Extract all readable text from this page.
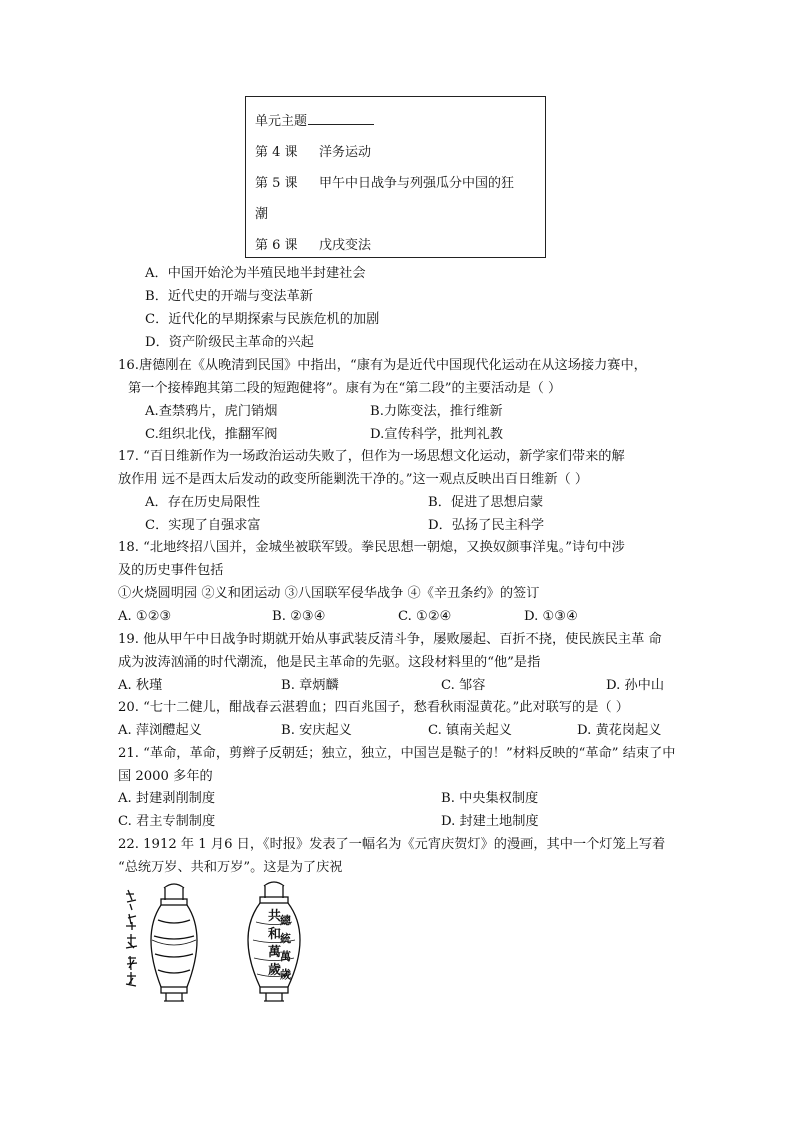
单元主题
第 4 课 洋务运动
第 5 课 甲午中日战争与列强瓜分中国的狂
潮
第 6 课 戊戌变法
A．中国开始沦为半殖民地半封建社会
B．近代史的开端与变法革新
C．近代化的早期探索与民族危机的加剧
D．资产阶级民主革命的兴起
16.唐德刚在《从晚清到民国》中指出，“康有为是近代中国现代化运动在从这场接力赛中，
第一个接棒跑其第二段的短跑健将”。康有为在“第二段”的主要活动是（ ）
A.查禁鸦片，虎门销烟	B.力陈变法，推行维新
C.组织北伐，推翻军阀	D.宣传科学，批判礼教
17. “百日维新作为一场政治运动失败了，但作为一场思想文化运动，新学家们带来的解
放作用 远不是西太后发动的政变所能剿洗干净的。”这一观点反映出百日维新（ ）
A．存在历史局限性	B．促进了思想启蒙
C．实现了自强求富	D．弘扬了民主科学
18. “北地终招八国并，金城坐被联军毁。拳民思想一朝熄，又换奴颜事洋鬼。”诗句中涉
及的历史事件包括
①火烧圆明园 ②义和团运动 ③八国联军侵华战争 ④《辛丑条约》的签订
A. ①②③	B. ②③④	C. ①②④	D. ①③④
19. 他从甲午中日战争时期就开始从事武装反清斗争，屡败屡起、百折不挠，使民族民主革 命
成为波涛汹涌的时代潮流，他是民主革命的先驱。这段材料里的“他”是指
A. 秋瑾	B. 章炳麟	C. 邹容	D. 孙中山
20. “七十二健儿，酣战春云湛碧血；四百兆国子，愁看秋雨湿黄花。”此对联写的是（ ）
A. 萍浏醴起义	B. 安庆起义	C. 镇南关起义	D. 黄花岗起义
21. “革命，革命，剪辫子反朝廷；独立，独立，中国岂是鞑子的！”材料反映的“革命” 结束了中
国 2000 多年的
A. 封建剥削制度	B. 中央集权制度
C. 君主专制制度	D. 封建土地制度
22. 1912 年 1 月6 日，《时报》发表了一幅名为《元宵庆贺灯》的漫画，其中一个灯笼上写着
“总统万岁、共和万岁”。这是为了庆祝
共
和
萬
歲
總
統
萬
歲
